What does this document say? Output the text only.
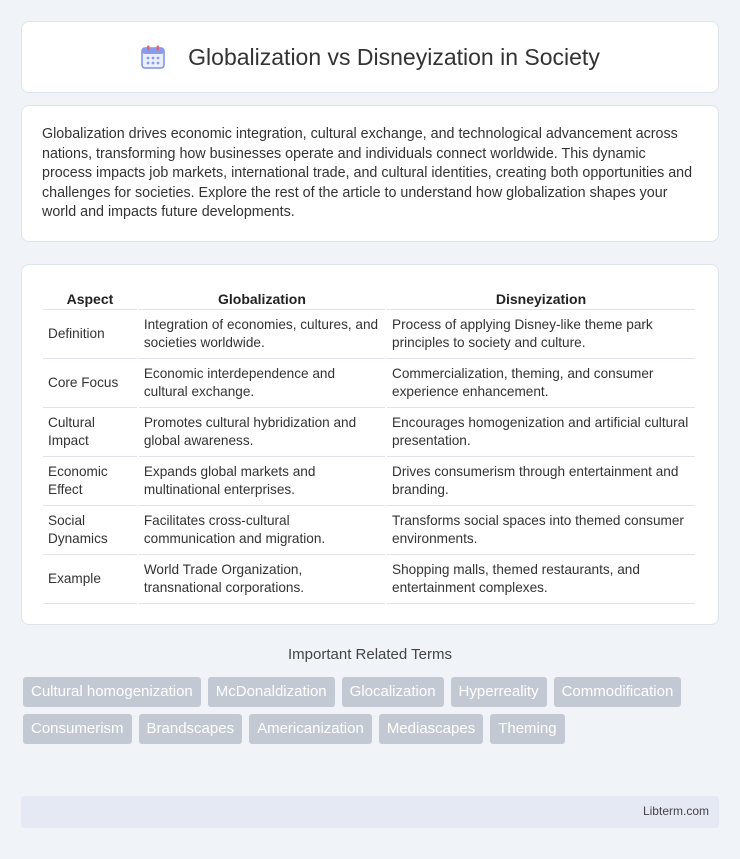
Globalization vs Disneyization in Society

Globalization drives economic integration, cultural exchange, and technological advancement across nations, transforming how businesses operate and individuals connect worldwide. This dynamic process impacts job markets, international trade, and cultural identities, creating both opportunities and challenges for societies. Explore the rest of the article to understand how globalization shapes your world and impacts future developments.

Aspect	Globalization	Disneyization
Definition	Integration of economies, cultures, and societies worldwide.	Process of applying Disney-like theme park principles to society and culture.
Core Focus	Economic interdependence and cultural exchange.	Commercialization, theming, and consumer experience enhancement.
Cultural Impact	Promotes cultural hybridization and global awareness.	Encourages homogenization and artificial cultural presentation.
Economic Effect	Expands global markets and multinational enterprises.	Drives consumerism through entertainment and branding.
Social Dynamics	Facilitates cross-cultural communication and migration.	Transforms social spaces into themed consumer environments.
Example	World Trade Organization, transnational corporations.	Shopping malls, themed restaurants, and entertainment complexes.
Important Related Terms
Cultural homogenization	McDonaldization	Glocalization	Hyperreality	Commodification
Consumerism	Brandscapes	Americanization	Mediascapes	Theming
Libterm.com
